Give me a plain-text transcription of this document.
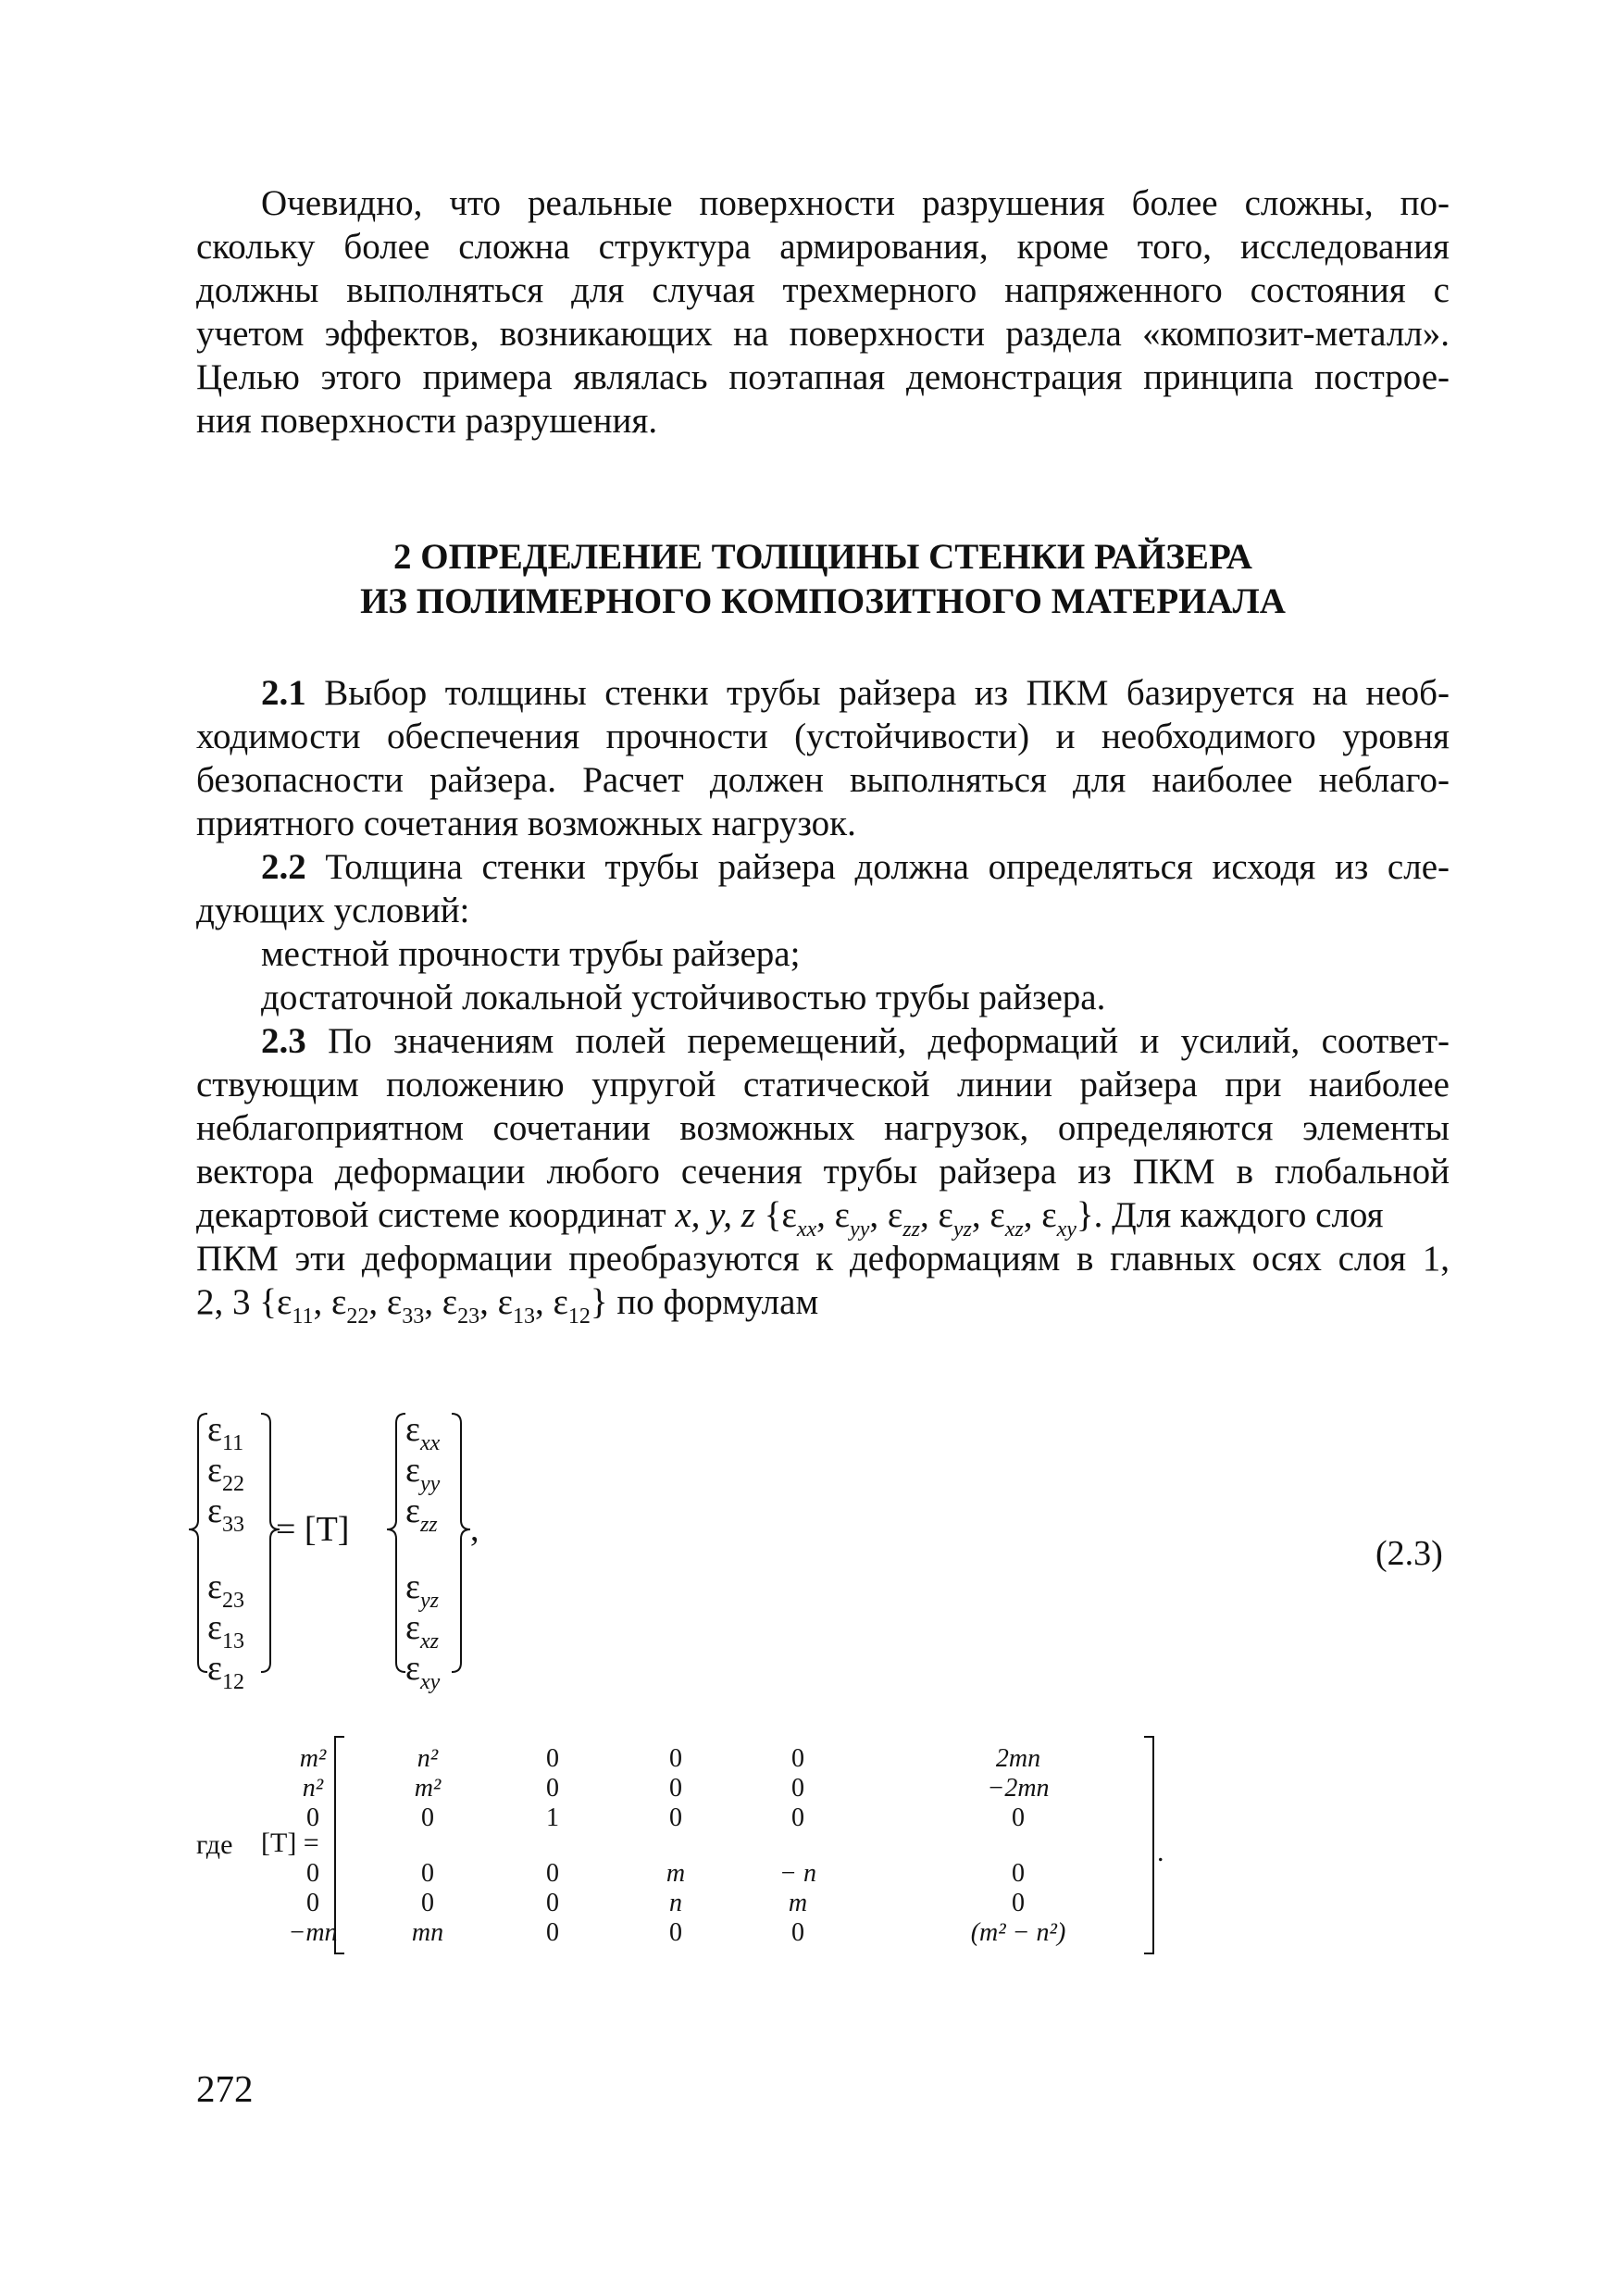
Очевидно, что реальные поверхности разрушения более сложны, по-
скольку более сложна структура армирования, кроме того, исследования
должны выполняться для случая трехмерного напряженного состояния с
учетом эффектов, возникающих на поверхности раздела «композит-металл».
Целью этого примера являлась поэтапная демонстрация принципа построе-
ния поверхности разрушения.
2 ОПРЕДЕЛЕНИЕ ТОЛЩИНЫ СТЕНКИ РАЙЗЕРА
ИЗ ПОЛИМЕРНОГО КОМПОЗИТНОГО МАТЕРИАЛА
2.1 Выбор толщины стенки трубы райзера из ПКМ базируется на необ-
ходимости обеспечения прочности (устойчивости) и необходимого уровня
безопасности райзера. Расчет должен выполняться для наиболее неблаго-
приятного сочетания возможных нагрузок.
2.2 Толщина стенки трубы райзера должна определяться исходя из сле-
дующих условий:
местной прочности трубы райзера;
достаточной локальной устойчивостью трубы райзера.
2.3 По значениям полей перемещений, деформаций и усилий, соответ-
ствующим положению упругой статической линии райзера при наиболее
неблагоприятном сочетании возможных нагрузок, определяются элементы
вектора деформации любого сечения трубы райзера из ПКМ в глобальной
декартовой системе координат x, y, z {$\varepsilon_{xx}$, $\varepsilon_{yy}$, $\varepsilon_{zz}$, $\varepsilon_{yz}$, $\varepsilon_{xz}$, $\varepsilon_{xy}$}. Для каждого слоя
ПКМ эти деформации преобразуются к деформациям в главных осях слоя 1,
2, 3 {$\varepsilon_{11}$, $\varepsilon_{22}$, $\varepsilon_{33}$, $\varepsilon_{23}$, $\varepsilon_{13}$, $\varepsilon_{12}$} по формулам
$\varepsilon_{11}$
$\varepsilon_{22}$
$\varepsilon_{33}$
$\varepsilon_{23}$
$\varepsilon_{13}$
$\varepsilon_{12}$
= [T]
$\varepsilon_{xx}$
$\varepsilon_{yy}$
$\varepsilon_{zz}$
$\varepsilon_{yz}$
$\varepsilon_{xz}$
$\varepsilon_{xy}$
,
(2.3)
где [T] =	.
m²	n²	0	0	0	2mn
n²	m²	0	0	0	−2mn
0	0	1	0	0	0
0	0	0	m	− n	0
0	0	0	n	m	0
−mn	mn	0	0	0	(m² − n²)
272
